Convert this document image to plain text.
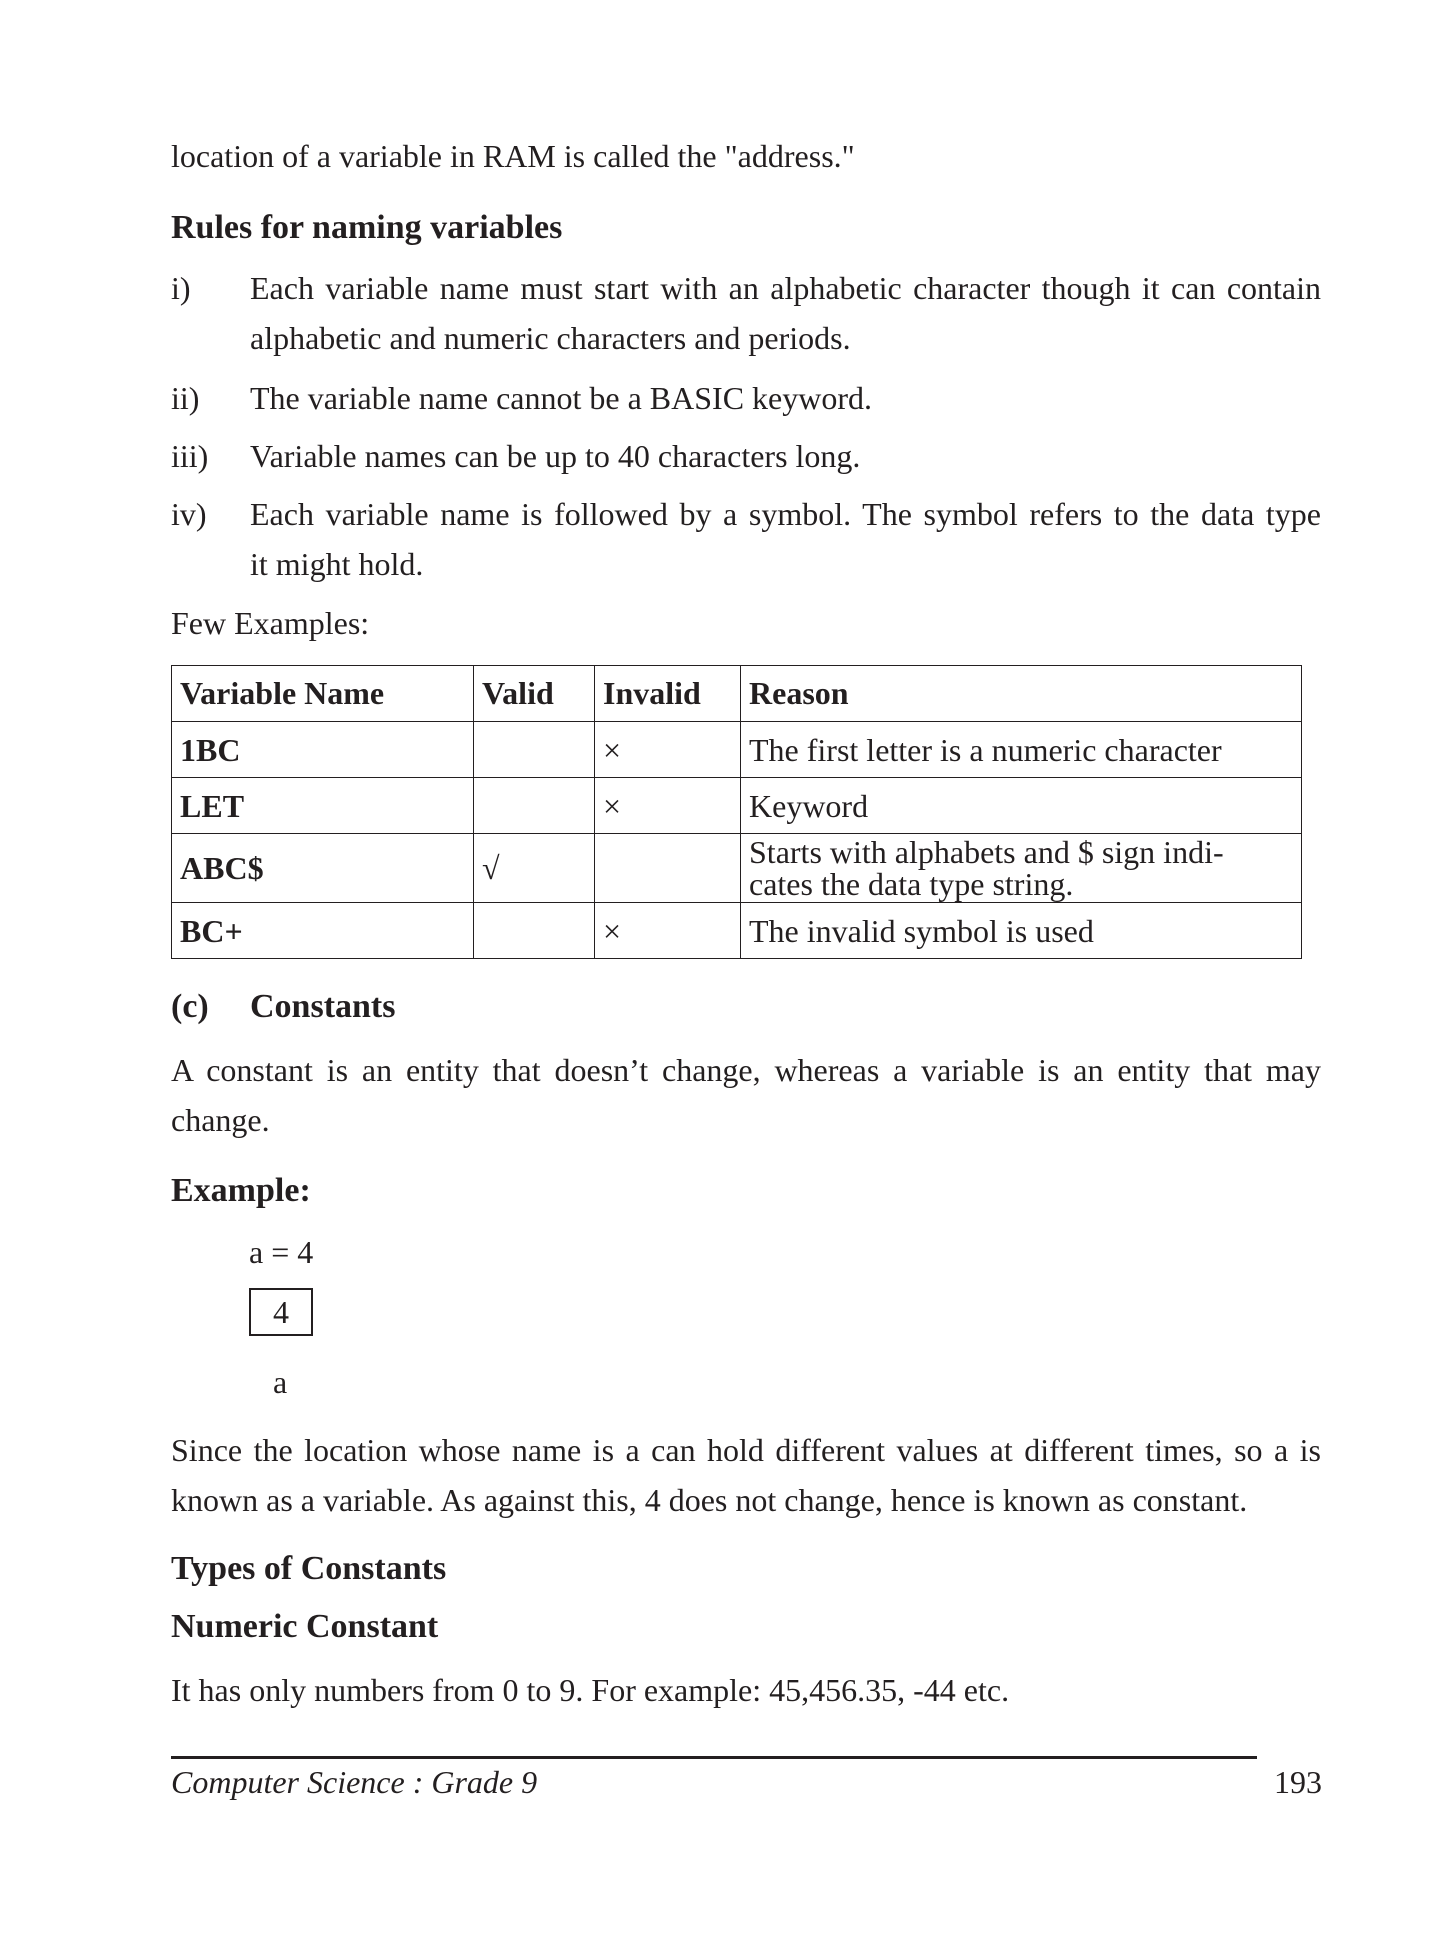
location of a variable in RAM is called the "address."
Rules for naming variables
i)	Each variable name must start with an alphabetic character though it can contain
alphabetic and numeric characters and periods.
ii)	The variable name cannot be a BASIC keyword.
iii)	Variable names can be up to 40 characters long.
iv)	Each variable name is followed by a symbol. The symbol refers to the data type
it might hold.
Few Examples:
Variable Name	Valid	Invalid	Reason
1BC		×	The first letter is a numeric character
LET		×	Keyword
ABC$	√		Starts with alphabets and $ sign indi-
cates the data type string.

BC+		×	The invalid symbol is used
(c) Constants
A constant is an entity that doesn’t change, whereas a variable is an entity that may
change.
Example:
a = 4
4
a
Since the location whose name is a can hold different values at different times, so a is
known as a variable. As against this, 4 does not change, hence is known as constant.
Types of Constants
Numeric Constant
It has only numbers from 0 to 9. For example: 45,456.35, -44 etc.
Computer Science : Grade 9	193
